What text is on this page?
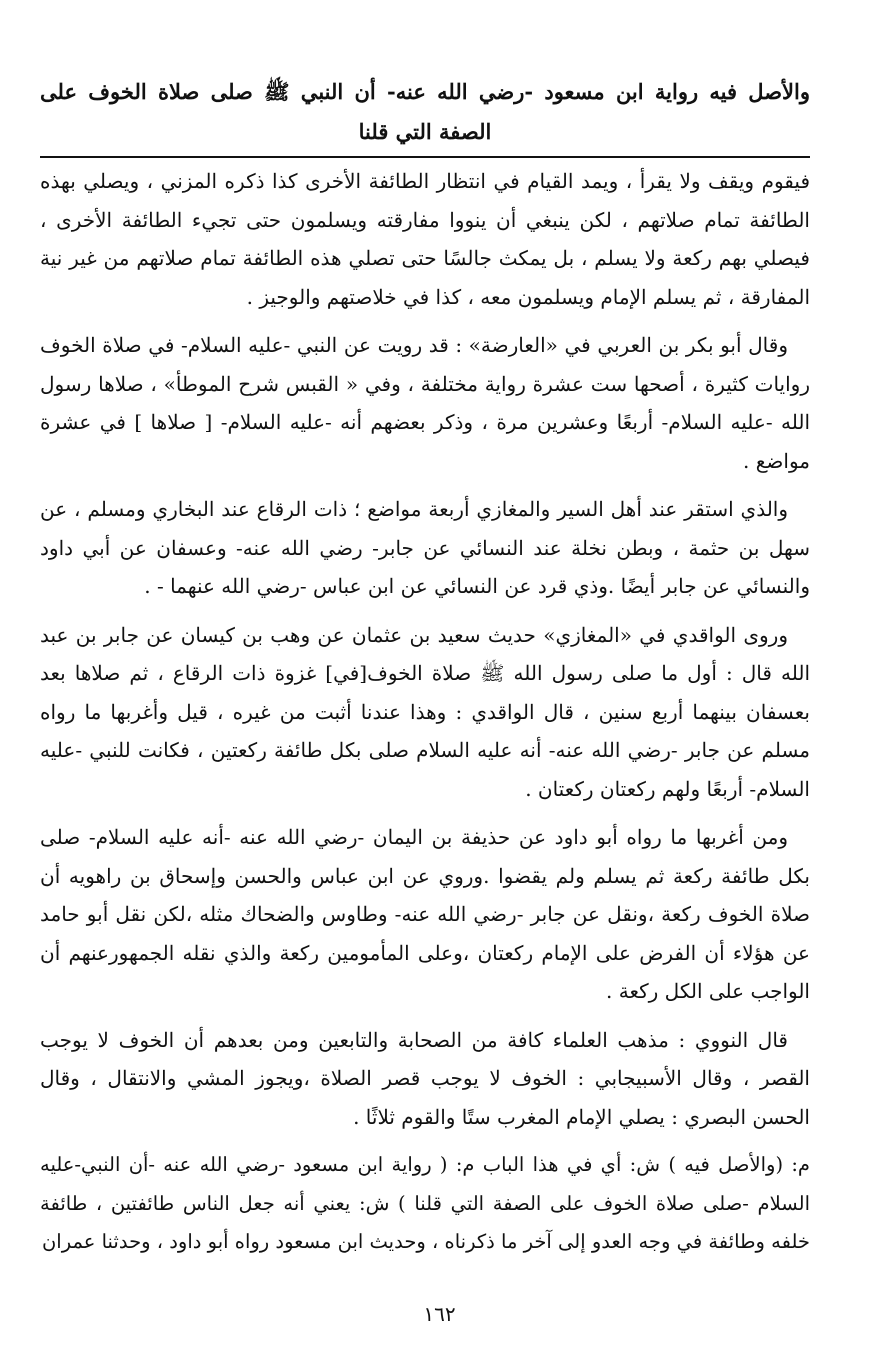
والأصل فيه رواية ابن مسعود -رضي الله عنه- أن النبي ﷺ صلى صلاة الخوف على الصفة التي قلنا

فيقوم ويقف ولا يقرأ ، ويمد القيام في انتظار الطائفة الأخرى كذا ذكره المزني ، ويصلي بهذه الطائفة تمام صلاتهم ، لكن ينبغي أن ينووا مفارقته ويسلمون حتى تجيء الطائفة الأخرى ، فيصلي بهم ركعة ولا يسلم ، بل يمكث جالسًا حتى تصلي هذه الطائفة تمام صلاتهم من غير نية المفارقة ، ثم يسلم الإمام ويسلمون معه ، كذا في خلاصتهم والوجيز .

وقال أبو بكر بن العربي في «العارضة» : قد رويت عن النبي -عليه السلام- في صلاة الخوف روايات كثيرة ، أصحها ست عشرة رواية مختلفة ، وفي « القبس شرح الموطأ» ، صلاها رسول الله -عليه السلام- أربعًا وعشرين مرة ، وذكر بعضهم أنه -عليه السلام- [ صلاها ] في عشرة مواضع .

والذي استقر عند أهل السير والمغازي أربعة مواضع ؛ ذات الرقاع عند البخاري ومسلم ، عن سهل بن حثمة ، وبطن نخلة عند النسائي عن جابر- رضي الله عنه- وعسفان عن أبي داود والنسائي عن جابر أيضًا .وذي قرد عن النسائي عن ابن عباس -رضي الله عنهما - .

وروى الواقدي في «المغازي» حديث سعيد بن عثمان عن وهب بن كيسان عن جابر بن عبد الله قال : أول ما صلى رسول الله ﷺ صلاة الخوف[في] غزوة ذات الرقاع ، ثم صلاها بعد بعسفان بينهما أربع سنين ، قال الواقدي : وهذا عندنا أثبت من غيره ، قيل وأغربها ما رواه مسلم عن جابر -رضي الله عنه- أنه عليه السلام صلى بكل طائفة ركعتين ، فكانت للنبي -عليه السلام- أربعًا ولهم ركعتان ركعتان .

ومن أغربها ما رواه أبو داود عن حذيفة بن اليمان -رضي الله عنه -أنه عليه السلام- صلى بكل طائفة ركعة ثم يسلم ولم يقضوا .وروي عن ابن عباس والحسن وإسحاق بن راهويه أن صلاة الخوف ركعة ،ونقل عن جابر -رضي الله عنه- وطاوس والضحاك مثله ،لكن نقل أبو حامد عن هؤلاء أن الفرض على الإمام ركعتان ،وعلى المأمومين ركعة والذي نقله الجمهورعنهم أن الواجب على الكل ركعة .

قال النووي : مذهب العلماء كافة من الصحابة والتابعين ومن بعدهم أن الخوف لا يوجب القصر ، وقال الأسبيجابي : الخوف لا يوجب قصر الصلاة ،ويجوز المشي والانتقال ، وقال الحسن البصري : يصلي الإمام المغرب ستًا والقوم ثلاثًا .

م: (والأصل فيه ) ش: أي في هذا الباب م: ( رواية ابن مسعود -رضي الله عنه -أن النبي-عليه السلام -صلى صلاة الخوف على الصفة التي قلنا ) ش: يعني أنه جعل الناس طائفتين ، طائفة خلفه وطائفة في وجه العدو إلى آخر ما ذكرناه ، وحديث ابن مسعود رواه أبو داود ، وحدثنا عمران

١٦٢
